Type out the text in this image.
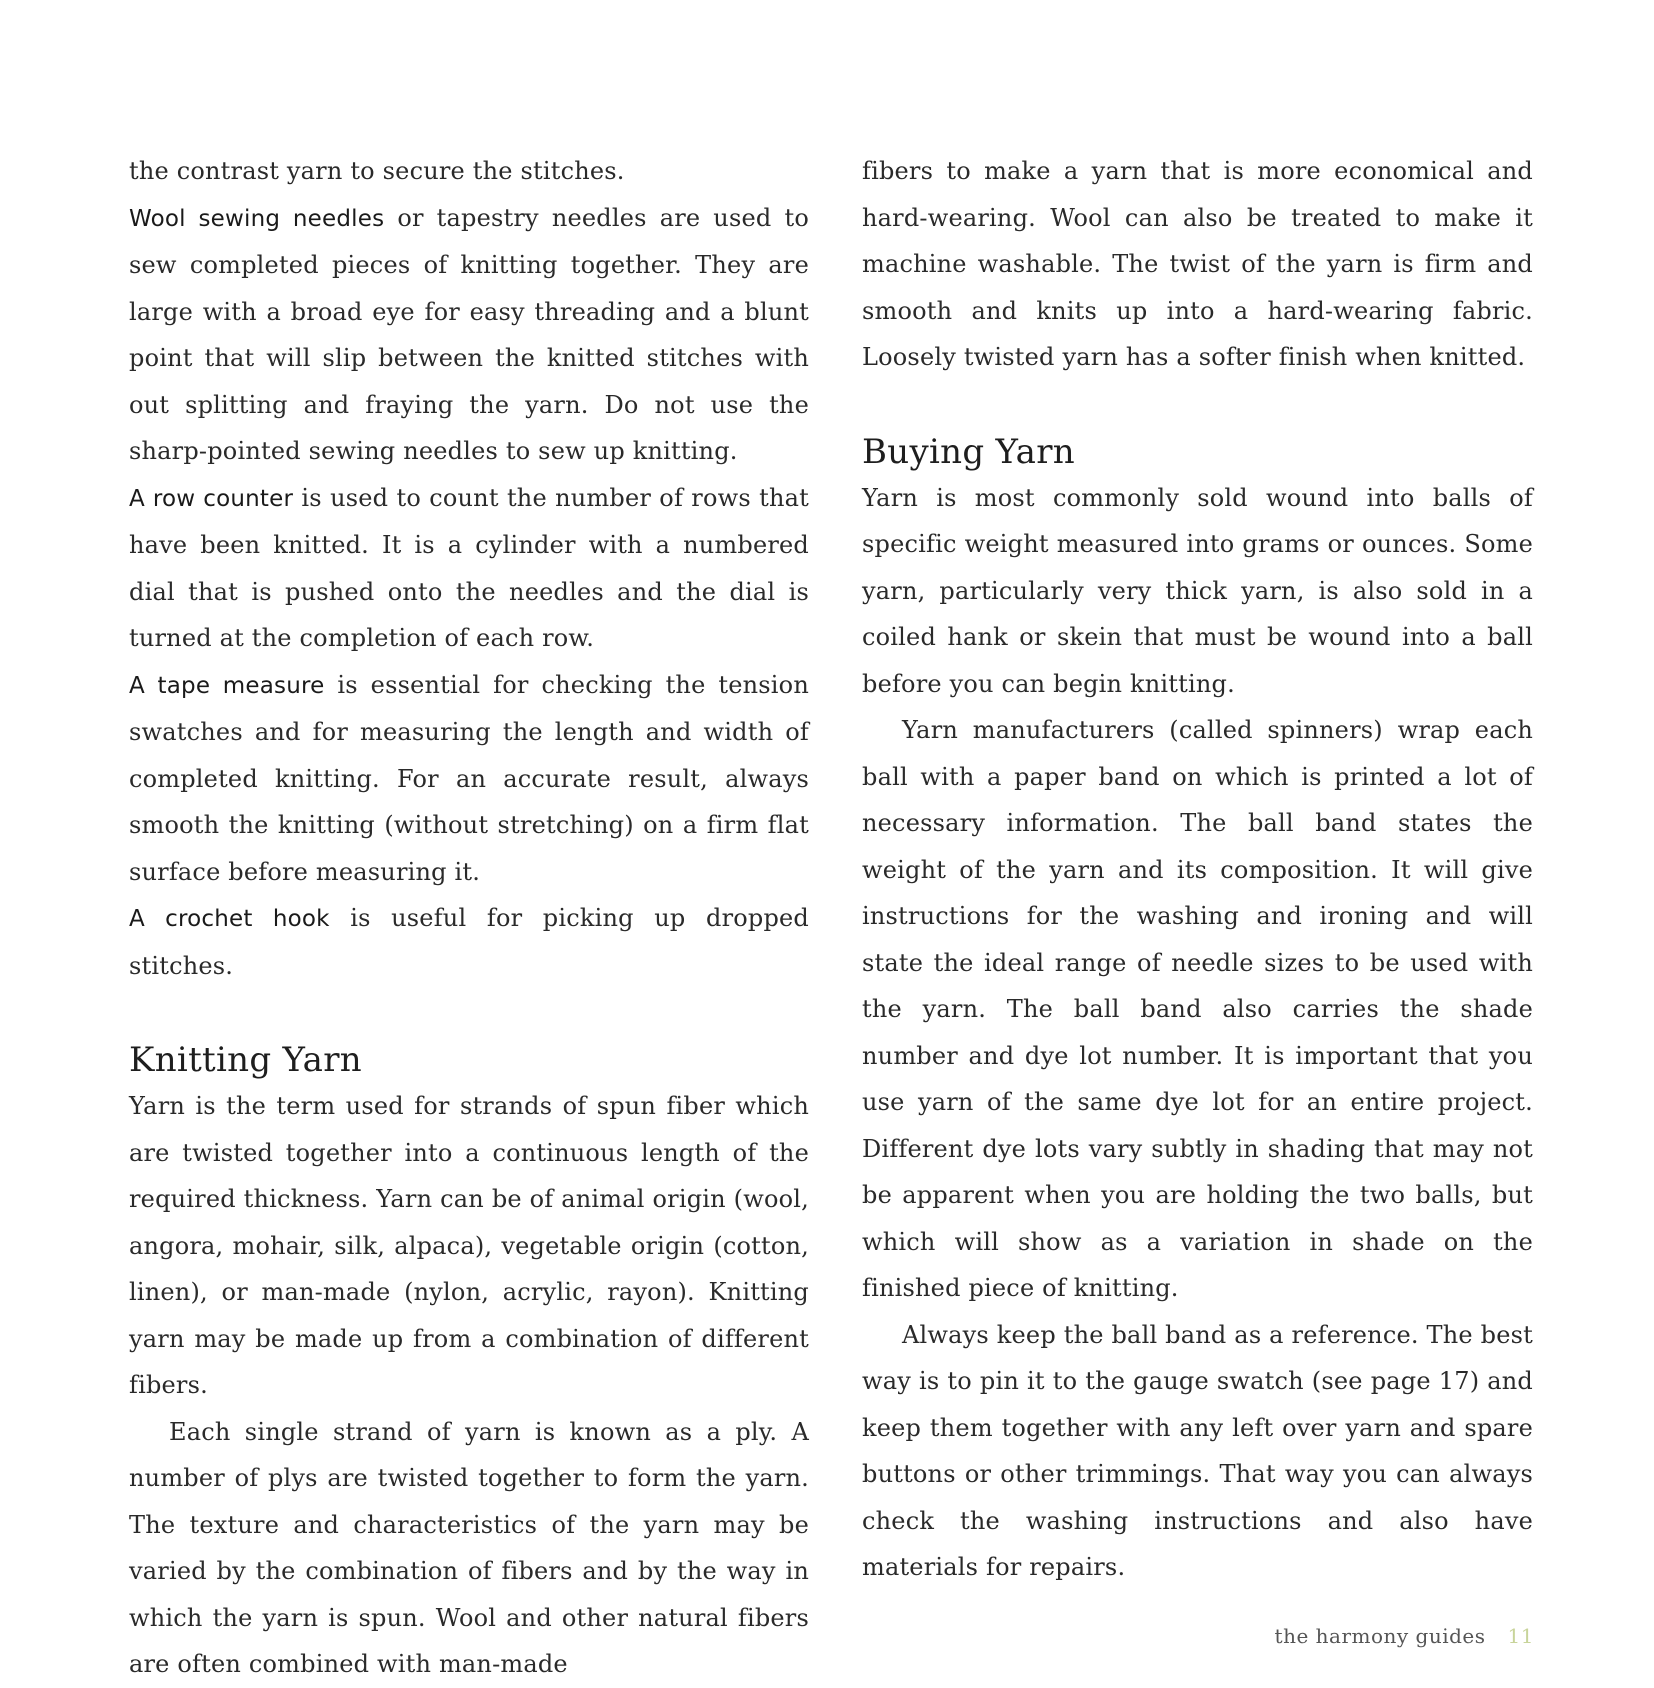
the contrast yarn to secure the stitches.

Wool sewing needles or tapestry needles are used to sew completed pieces of knitting together. They are large with a broad eye for easy threading and a blunt point that will slip between the knitted stitches with out splitting and fraying the yarn. Do not use the sharp-pointed sewing needles to sew up knitting.

A row counter is used to count the number of rows that have been knitted. It is a cylinder with a numbered dial that is pushed onto the needles and the dial is turned at the completion of each row.

A tape measure is essential for checking the tension swatches and for measuring the length and width of completed knitting. For an accurate result, always smooth the knitting (without stretching) on a firm flat surface before measuring it.

A crochet hook is useful for picking up dropped stitches.

Knitting Yarn

Yarn is the term used for strands of spun fiber which are twisted together into a continuous length of the required thickness. Yarn can be of animal origin (wool, angora, mohair, silk, alpaca), vegetable origin (cotton, linen), or man-made (nylon, acrylic, rayon). Knitting yarn may be made up from a combination of different fibers.

Each single strand of yarn is known as a ply. A number of plys are twisted together to form the yarn. The texture and characteristics of the yarn may be varied by the combination of fibers and by the way in which the yarn is spun. Wool and other natural fibers are often combined with man-made

fibers to make a yarn that is more economical and hard-wearing. Wool can also be treated to make it machine washable. The twist of the yarn is firm and smooth and knits up into a hard-wearing fabric. Loosely twisted yarn has a softer finish when knitted.

Buying Yarn

Yarn is most commonly sold wound into balls of specific weight measured into grams or ounces. Some yarn, particularly very thick yarn, is also sold in a coiled hank or skein that must be wound into a ball before you can begin knitting.

Yarn manufacturers (called spinners) wrap each ball with a paper band on which is printed a lot of necessary information. The ball band states the weight of the yarn and its composition. It will give instructions for the washing and ironing and will state the ideal range of needle sizes to be used with the yarn. The ball band also carries the shade number and dye lot number. It is important that you use yarn of the same dye lot for an entire project. Different dye lots vary subtly in shading that may not be apparent when you are holding the two balls, but which will show as a variation in shade on the finished piece of knitting.

Always keep the ball band as a reference. The best way is to pin it to the gauge swatch (see page 17) and keep them together with any left over yarn and spare buttons or other trimmings. That way you can always check the washing instructions and also have materials for repairs.

the harmony guides 11
